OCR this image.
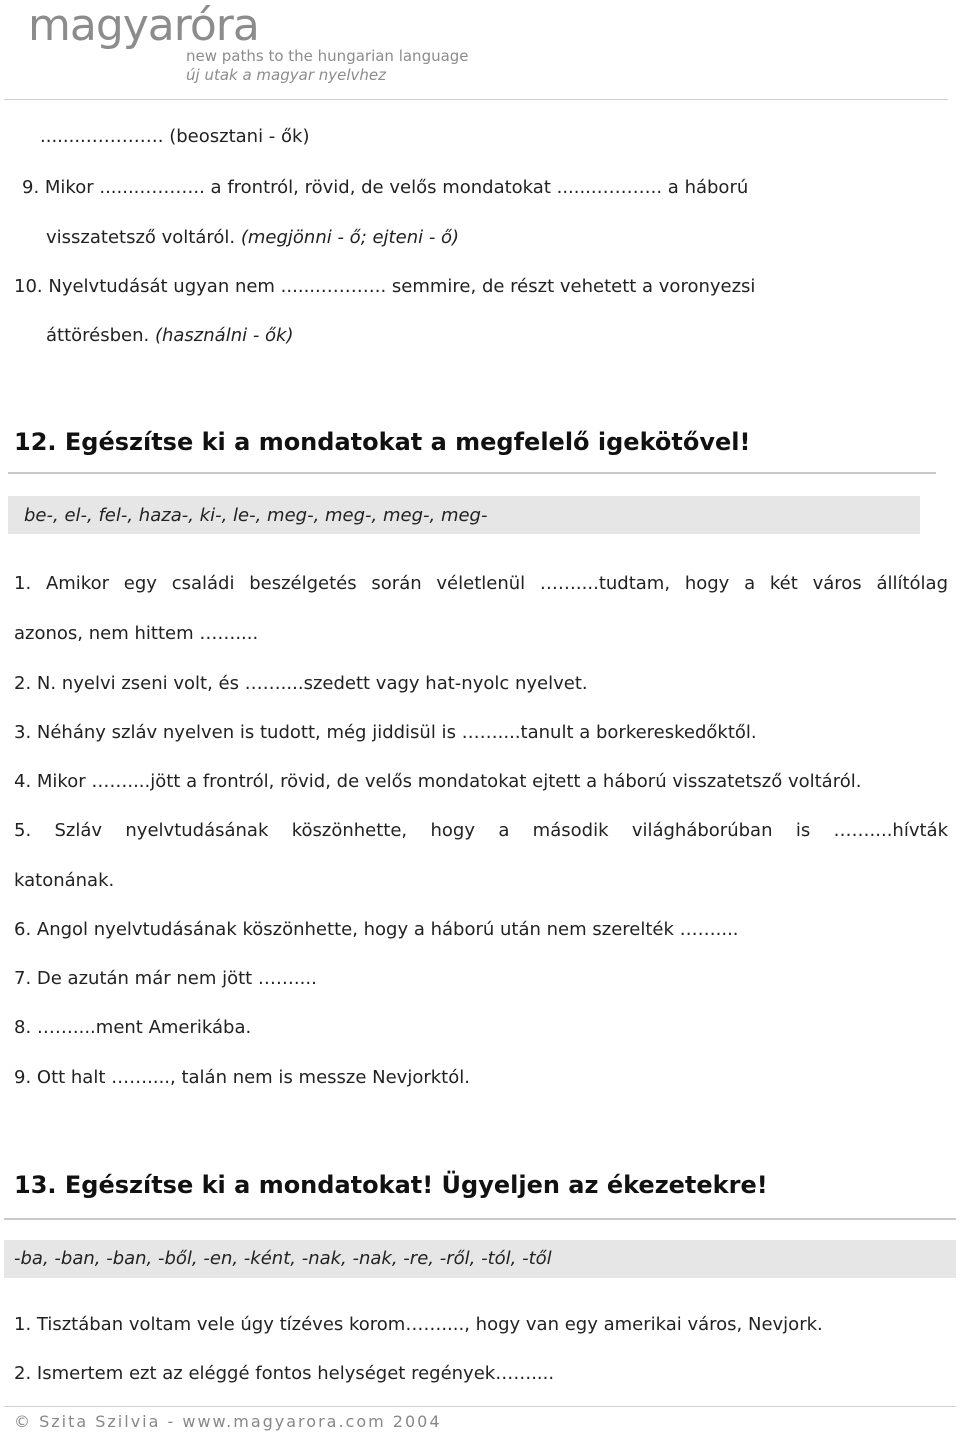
magyaróra
new paths to the hungarian language
új utak a magyar nyelvhez
........…………. (beosztani - ők)
9. Mikor .......……….. a frontról, rövid, de velős mondatokat .......……….. a háború
visszatetsző voltáról. (megjönni - ő; ejteni - ő)
10. Nyelvtudását ugyan nem .......……….. semmire, de részt vehetett a voronyezsi
áttörésben. (használni - ők)
12. Egészítse ki a mondatokat a megfelelő igekötővel!
be-, el-, fel-, haza-, ki-, le-, meg-, meg-, meg-, meg-
1. Amikor egy családi beszélgetés során véletlenül ……....tudtam, hogy a két város állítólag
azonos, nem hittem ……....
2. N. nyelvi zseni volt, és ……....szedett vagy hat-nyolc nyelvet.
3. Néhány szláv nyelven is tudott, még jiddisül is ……....tanult a borkereskedőktől.
4. Mikor ……....jött a frontról, rövid, de velős mondatokat ejtett a háború visszatetsző voltáról.
5. Szláv nyelvtudásának köszönhette, hogy a második világháborúban is ……....hívták
katonának.
6. Angol nyelvtudásának köszönhette, hogy a háború után nem szerelték ……....
7. De azután már nem jött ……....
8. ……....ment Amerikába.
9. Ott halt ……...., talán nem is messze Nevjorktól.
13. Egészítse ki a mondatokat! Ügyeljen az ékezetekre!
-ba, -ban, -ban, -ből, -en, -ként, -nak, -nak, -re, -ről, -tól, -től
1. Tisztában voltam vele úgy tízéves korom……...., hogy van egy amerikai város, Nevjork.
2. Ismertem ezt az eléggé fontos helységet regények……....
© Szita Szilvia - www.magyarora.com 2004
